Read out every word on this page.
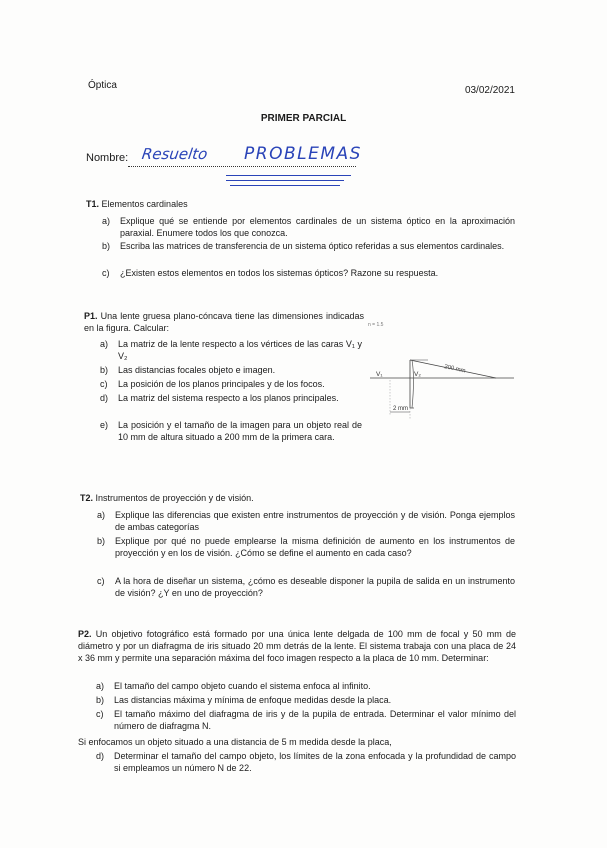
Óptica	03/02/2021
PRIMER PARCIAL
Nombre: Resuelto PROBLEMAS
T1. Elementos cardinales
a) Explique qué se entiende por elementos cardinales de un sistema óptico en la aproximación paraxial. Enumere todos los que conozca.
b) Escriba las matrices de transferencia de un sistema óptico referidas a sus elementos cardinales.
c) ¿Existen estos elementos en todos los sistemas ópticos? Razone su respuesta.
P1. Una lente gruesa plano-cóncava tiene las dimensiones indicadas en la figura. Calcular:
a) La matriz de la lente respecto a los vértices de las caras V₁ y V₂
b) Las distancias focales objeto e imagen.
c) La posición de los planos principales y de los focos.
d) La matriz del sistema respecto a los planos principales.
e) La posición y el tamaño de la imagen para un objeto real de 10 mm de altura situado a 200 mm de la primera cara.
n = 1.5
200 mm
V₁	V₂
2 mm
T2. Instrumentos de proyección y de visión.
a) Explique las diferencias que existen entre instrumentos de proyección y de visión. Ponga ejemplos de ambas categorías
b) Explique por qué no puede emplearse la misma definición de aumento en los instrumentos de proyección y en los de visión. ¿Cómo se define el aumento en cada caso?
c) A la hora de diseñar un sistema, ¿cómo es deseable disponer la pupila de salida en un instrumento de visión? ¿Y en uno de proyección?
P2. Un objetivo fotográfico está formado por una única lente delgada de 100 mm de focal y 50 mm de diámetro y por un diafragma de iris situado 20 mm detrás de la lente. El sistema trabaja con una placa de 24 x 36 mm y permite una separación máxima del foco imagen respecto a la placa de 10 mm. Determinar:
a) El tamaño del campo objeto cuando el sistema enfoca al infinito.
b) Las distancias máxima y mínima de enfoque medidas desde la placa.
c) El tamaño máximo del diafragma de iris y de la pupila de entrada. Determinar el valor mínimo del número de diafragma N.
Si enfocamos un objeto situado a una distancia de 5 m medida desde la placa,
d) Determinar el tamaño del campo objeto, los límites de la zona enfocada y la profundidad de campo si empleamos un número N de 22.
